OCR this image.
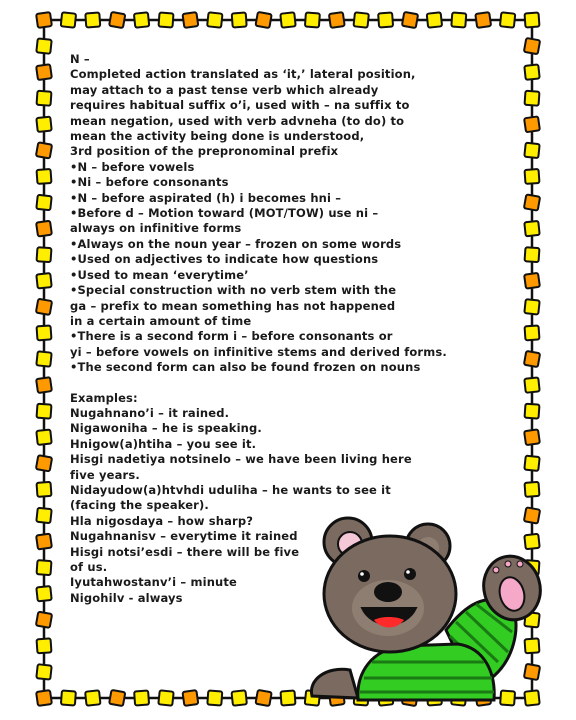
N –
Completed action translated as ‘it,’ lateral position,
may attach to a past tense verb which already
requires habitual suffix o’i, used with – na suffix to
mean negation, used with verb advneha (to do) to
mean the activity being done is understood,
3rd position of the prepronominal prefix
•N – before vowels
•Ni – before consonants
•N – before aspirated (h) i becomes hni –
•Before d – Motion toward (MOT/TOW) use ni –
always on infinitive forms
•Always on the noun year – frozen on some words
•Used on adjectives to indicate how questions
•Used to mean ‘everytime’
•Special construction with no verb stem with the
ga – prefix to mean something has not happened
in a certain amount of time
•There is a second form i – before consonants or
yi – before vowels on infinitive stems and derived forms.
•The second form can also be found frozen on nouns
Examples:
Nugahnano’i – it rained.
Nigawoniha – he is speaking.
Hnigow(a)htiha – you see it.
Hisgi nadetiya notsinelo – we have been living here
five years.
Nidayudow(a)htvhdi uduliha – he wants to see it
(facing the speaker).
Hla nigosdaya – how sharp?
Nugahnanisv – everytime it rained
Hisgi notsi’esdi – there will be five
of us.
Iyutahwostanv’i – minute
Nigohilv - always
